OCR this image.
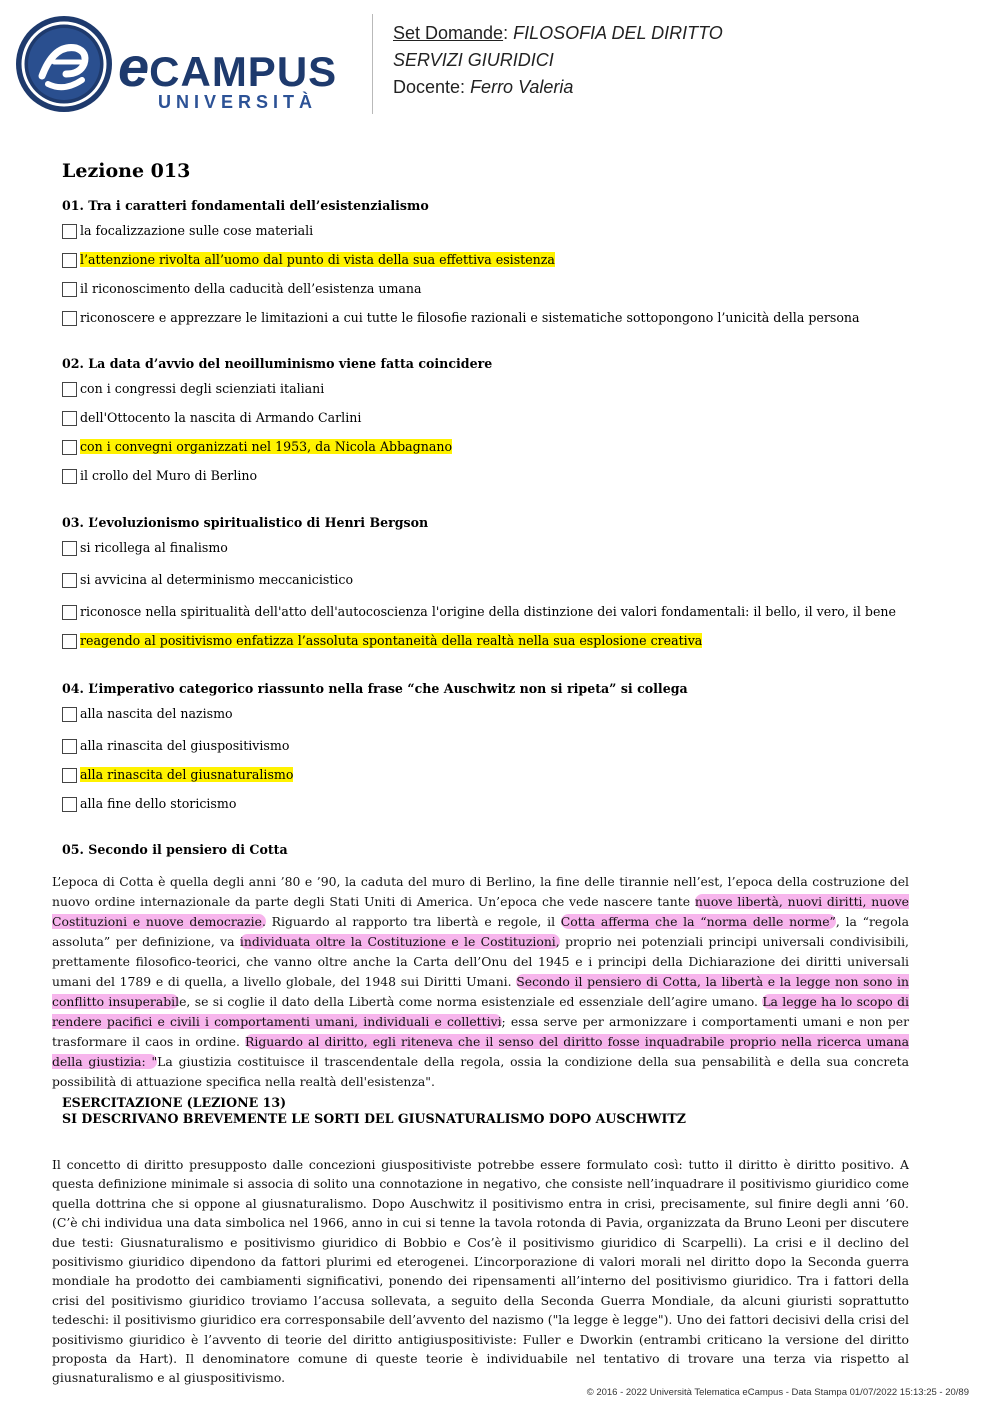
eCAMPUS
UNIVERSITÀ
Set Domande: FILOSOFIA DEL DIRITTO
SERVIZI GIURIDICI
Docente: Ferro Valeria
Lezione 013
01. Tra i caratteri fondamentali dell’esistenzialismo
la focalizzazione sulle cose materiali
l’attenzione rivolta all’uomo dal punto di vista della sua effettiva esistenza
il riconoscimento della caducità dell’esistenza umana
riconoscere e apprezzare le limitazioni a cui tutte le filosofie razionali e sistematiche sottopongono l’unicità della persona
02. La data d’avvio del neoilluminismo viene fatta coincidere
con i congressi degli scienziati italiani
dell'Ottocento la nascita di Armando Carlini
con i convegni organizzati nel 1953, da Nicola Abbagnano
il crollo del Muro di Berlino
03. L’evoluzionismo spiritualistico di Henri Bergson
si ricollega al finalismo
si avvicina al determinismo meccanicistico
riconosce nella spiritualità dell'atto dell'autocoscienza l'origine della distinzione dei valori fondamentali: il bello, il vero, il bene
reagendo al positivismo enfatizza l’assoluta spontaneità della realtà nella sua esplosione creativa
04. L’imperativo categorico riassunto nella frase “che Auschwitz non si ripeta” si collega
alla nascita del nazismo
alla rinascita del giuspositivismo
alla rinascita del giusnaturalismo
alla fine dello storicismo
05. Secondo il pensiero di Cotta
L’epoca di Cotta è quella degli anni ’80 e ’90, la caduta del muro di Berlino, la fine delle tirannie nell’est, l’epoca della costruzione del nuovo ordine internazionale da parte degli Stati Uniti di America. Un’epoca che vede nascere tante nuove libertà, nuovi diritti, nuove Costituzioni e nuove democrazie. Riguardo al rapporto tra libertà e regole, il Cotta afferma che la “norma delle norme”, la “regola assoluta” per definizione, va individuata oltre la Costituzione e le Costituzioni, proprio nei potenziali principi universali condivisibili, prettamente filosofico-teorici, che vanno oltre anche la Carta dell’Onu del 1945 e i principi della Dichiarazione dei diritti universali umani del 1789 e di quella, a livello globale, del 1948 sui Diritti Umani. Secondo il pensiero di Cotta, la libertà e la legge non sono in conflitto insuperabile, se si coglie il dato della Libertà come norma esistenziale ed essenziale dell’agire umano. La legge ha lo scopo di rendere pacifici e civili i comportamenti umani, individuali e collettivi; essa serve per armonizzare i comportamenti umani e non per trasformare il caos in ordine. Riguardo al diritto, egli riteneva che il senso del diritto fosse inquadrabile proprio nella ricerca umana della giustizia: "La giustizia costituisce il trascendentale della regola, ossia la condizione della sua pensabilità e della sua concreta possibilità di attuazione specifica nella realtà dell'esistenza".
ESERCITAZIONE (LEZIONE 13)
SI DESCRIVANO BREVEMENTE LE SORTI DEL GIUSNATURALISMO DOPO AUSCHWITZ
Il concetto di diritto presupposto dalle concezioni giuspositiviste potrebbe essere formulato così: tutto il diritto è diritto positivo. A questa definizione minimale si associa di solito una connotazione in negativo, che consiste nell’inquadrare il positivismo giuridico come quella dottrina che si oppone al giusnaturalismo. Dopo Auschwitz il positivismo entra in crisi, precisamente, sul finire degli anni ’60. (C’è chi individua una data simbolica nel 1966, anno in cui si tenne la tavola rotonda di Pavia, organizzata da Bruno Leoni per discutere due testi: Giusnaturalismo e positivismo giuridico di Bobbio e Cos’è il positivismo giuridico di Scarpelli). La crisi e il declino del positivismo giuridico dipendono da fattori plurimi ed eterogenei. L’incorporazione di valori morali nel diritto dopo la Seconda guerra mondiale ha prodotto dei cambiamenti significativi, ponendo dei ripensamenti all’interno del positivismo giuridico. Tra i fattori della crisi del positivismo giuridico troviamo l’accusa sollevata, a seguito della Seconda Guerra Mondiale, da alcuni giuristi soprattutto tedeschi: il positivismo giuridico era corresponsabile dell’avvento del nazismo ("la legge è legge"). Uno dei fattori decisivi della crisi del positivismo giuridico è l’avvento di teorie del diritto antigiuspositiviste: Fuller e Dworkin (entrambi criticano la versione del diritto proposta da Hart). Il denominatore comune di queste teorie è individuabile nel tentativo di trovare una terza via rispetto al giusnaturalismo e al giuspositivismo.
© 2016 - 2022 Università Telematica eCampus - Data Stampa 01/07/2022 15:13:25 - 20/89
